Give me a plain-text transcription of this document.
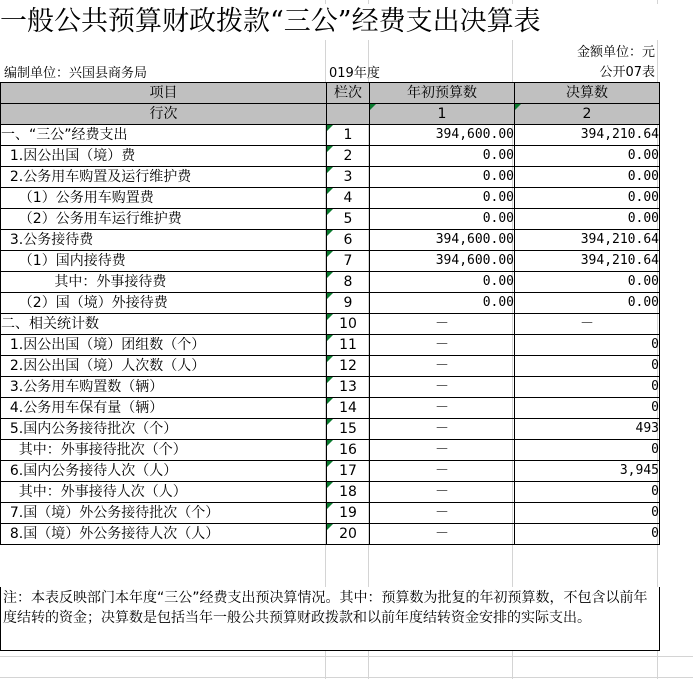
一般公共预算财政拨款“三公”经费支出决算表
金额单位：元
编制单位：兴国县商务局	019年度	公开07表
项目	栏次	年初预算数	决算数
行次		1	2
一、“三公”经费支出	1	394,600.00	394,210.64
1.因公出国（境）费	2	0.00	0.00
2.公务用车购置及运行维护费	3	0.00	0.00
（1）公务用车购置费	4	0.00	0.00
（2）公务用车运行维护费	5	0.00	0.00
3.公务接待费	6	394,600.00	394,210.64
（1）国内接待费	7	394,600.00	394,210.64
其中：外事接待费	8	0.00	0.00
（2）国（境）外接待费	9	0.00	0.00
二、相关统计数	10	－	－
1.因公出国（境）团组数（个）	11	－	0
2.因公出国（境）人次数（人）	12	－	0
3.公务用车购置数（辆）	13	－	0
4.公务用车保有量（辆）	14	－	0
5.国内公务接待批次（个）	15	－	493
其中：外事接待批次（个）	16	－	0
6.国内公务接待人次（人）	17	－	3,945
其中：外事接待人次（人）	18	－	0
7.国（境）外公务接待批次（个）	19	－	0
8.国（境）外公务接待人次（人）	20	－	0
注：本表反映部门本年度“三公”经费支出预决算情况。其中：预算数为批复的年初预算数，不包含以前年度结转的资金；决算数是包括当年一般公共预算财政拨款和以前年度结转资金安排的实际支出。
